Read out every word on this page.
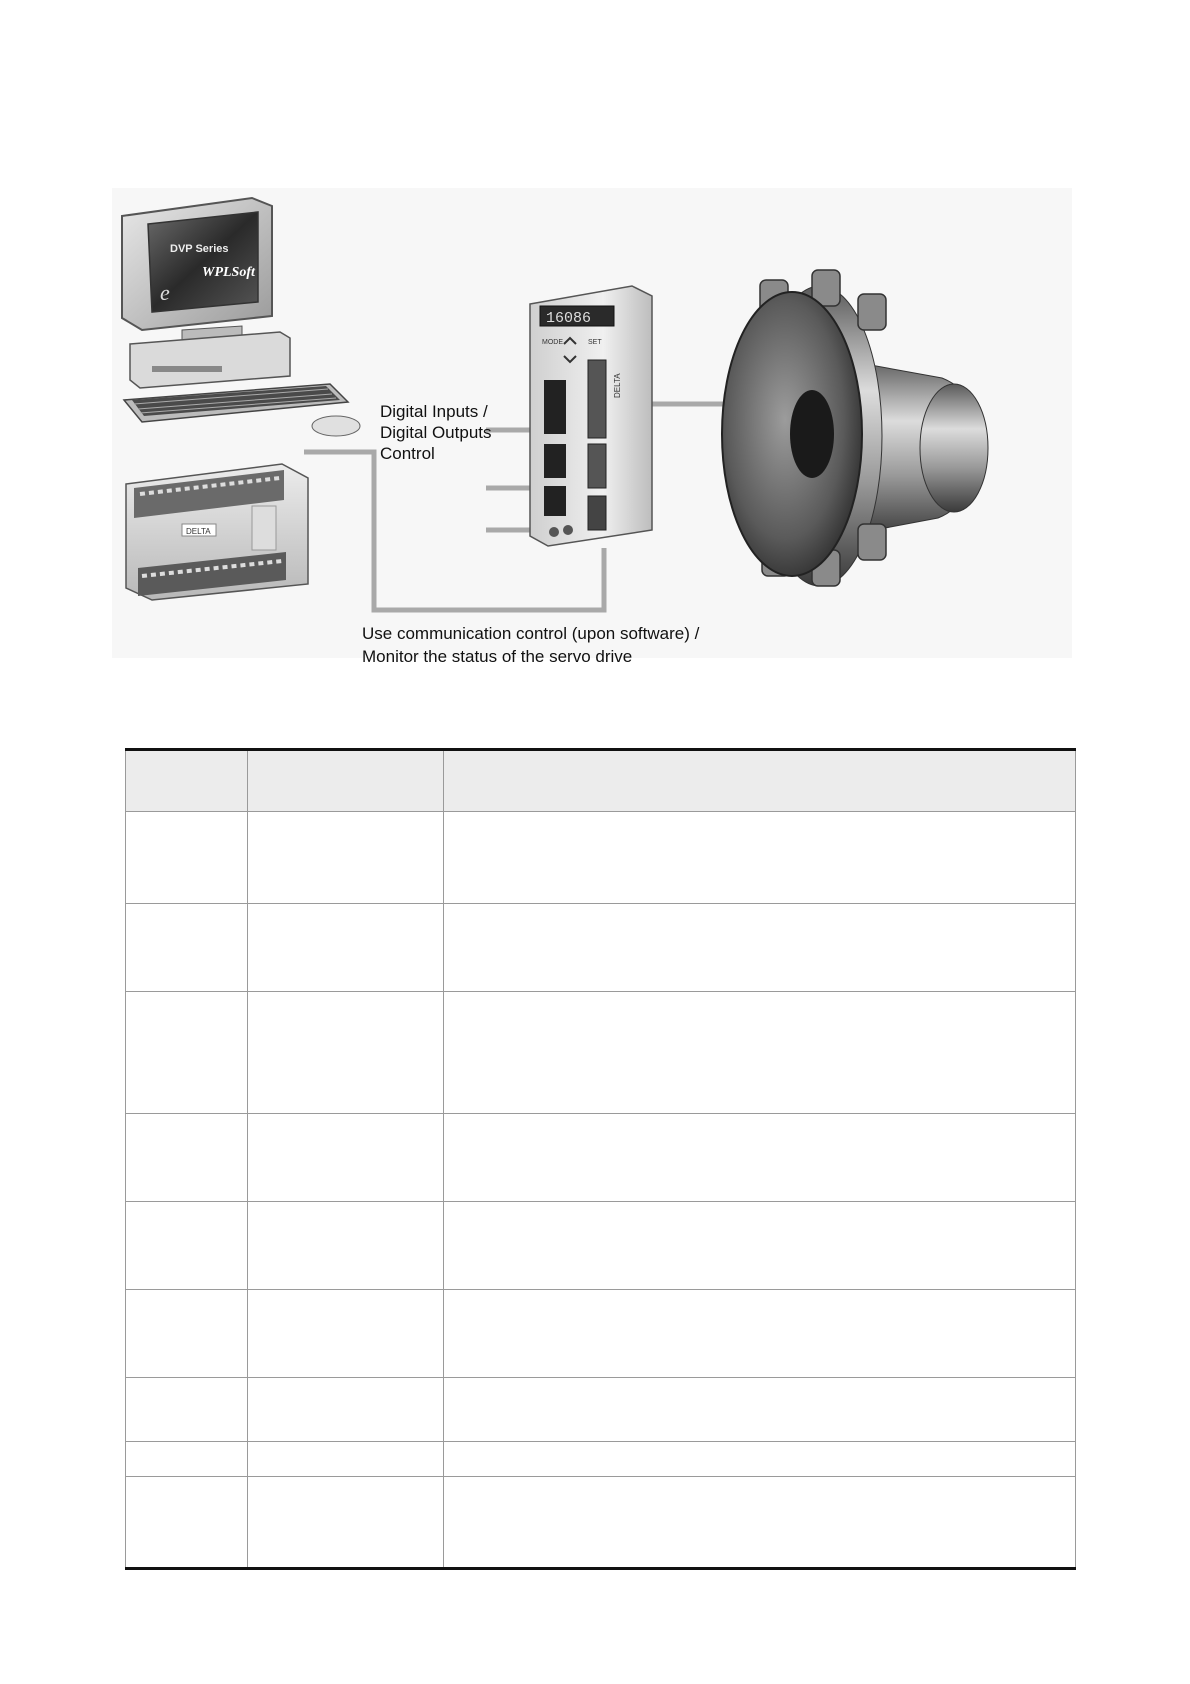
DVP Series
WPLSoft
e
DELTA
16086
MODE	SET
DELTA
Digital Inputs /
Digital Outputs
Control
Use communication control (upon software) /
Monitor the status of the servo drive
